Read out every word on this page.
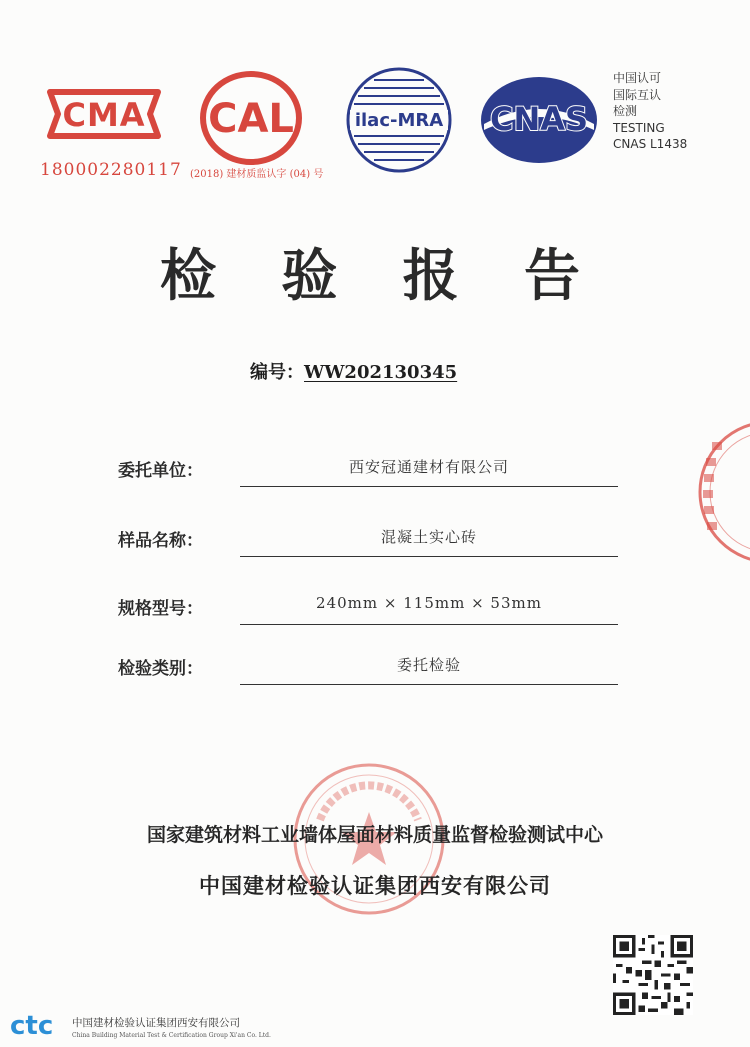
CMA
180002280117
CAL
(2018) 建材质监认字 (04) 号
ilac-MRA CNAS
中国认可
国际互认
检测
TESTING
CNAS L1438
检 验 报 告
编号：WW202130345
委托单位：	西安冠通建材有限公司
样品名称：	混凝土实心砖
规格型号：	240mm × 115mm × 53mm
检验类别：	委托检验
国家建筑材料工业墙体屋面材料质量监督检验测试中心
中国建材检验认证集团西安有限公司
ctc 中国建材检验认证集团西安有限公司
China Building Material Test & Certification Group Xi'an Co. Ltd.
